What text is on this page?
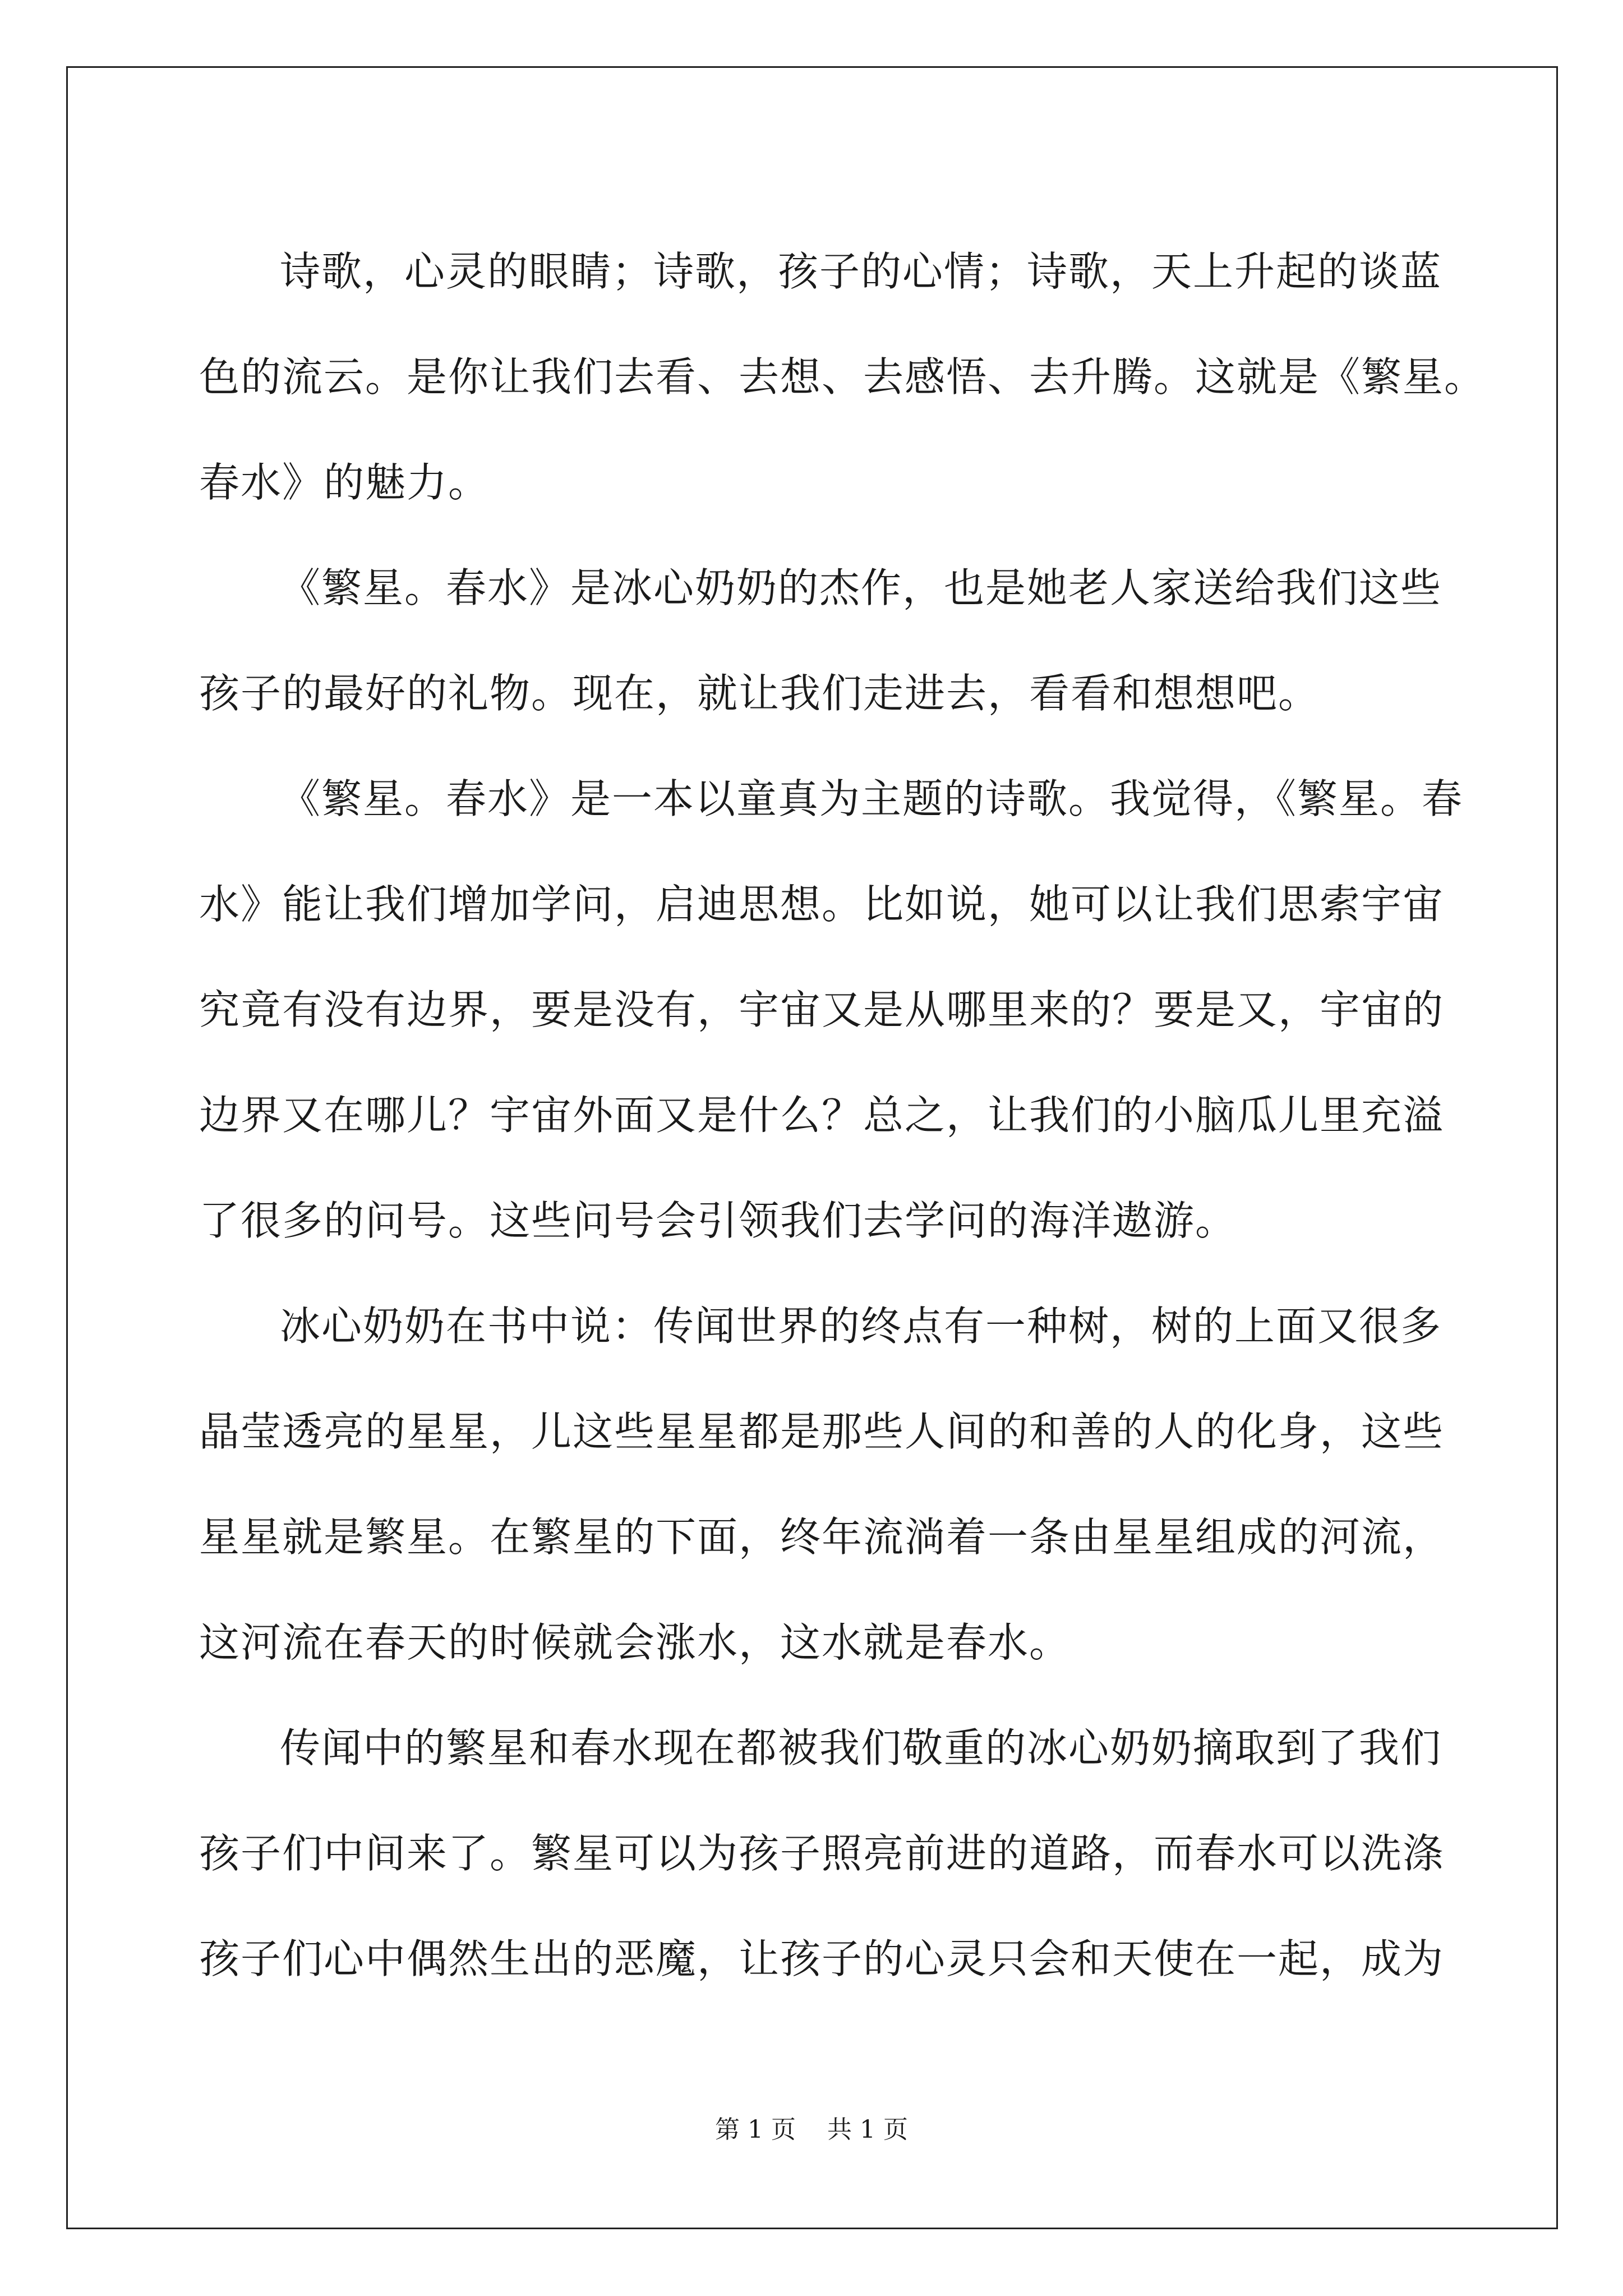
诗歌，心灵的眼睛；诗歌，孩子的心情；诗歌，天上升起的谈蓝
色的流云。是你让我们去看、去想、去感悟、去升腾。这就是《繁星。
春水》的魅力。
《繁星。春水》是冰心奶奶的杰作，也是她老人家送给我们这些
孩子的最好的礼物。现在，就让我们走进去，看看和想想吧。
《繁星。春水》是一本以童真为主题的诗歌。我觉得，《繁星。春
水》能让我们增加学问，启迪思想。比如说，她可以让我们思索宇宙
究竟有没有边界，要是没有，宇宙又是从哪里来的？要是又，宇宙的
边界又在哪儿？宇宙外面又是什么？总之，让我们的小脑瓜儿里充溢
了很多的问号。这些问号会引领我们去学问的海洋遨游。
冰心奶奶在书中说：传闻世界的终点有一种树，树的上面又很多
晶莹透亮的星星，儿这些星星都是那些人间的和善的人的化身，这些
星星就是繁星。在繁星的下面，终年流淌着一条由星星组成的河流，
这河流在春天的时候就会涨水，这水就是春水。
传闻中的繁星和春水现在都被我们敬重的冰心奶奶摘取到了我们
孩子们中间来了。繁星可以为孩子照亮前进的道路，而春水可以洗涤
孩子们心中偶然生出的恶魔，让孩子的心灵只会和天使在一起，成为
第 1 页 共 1 页
